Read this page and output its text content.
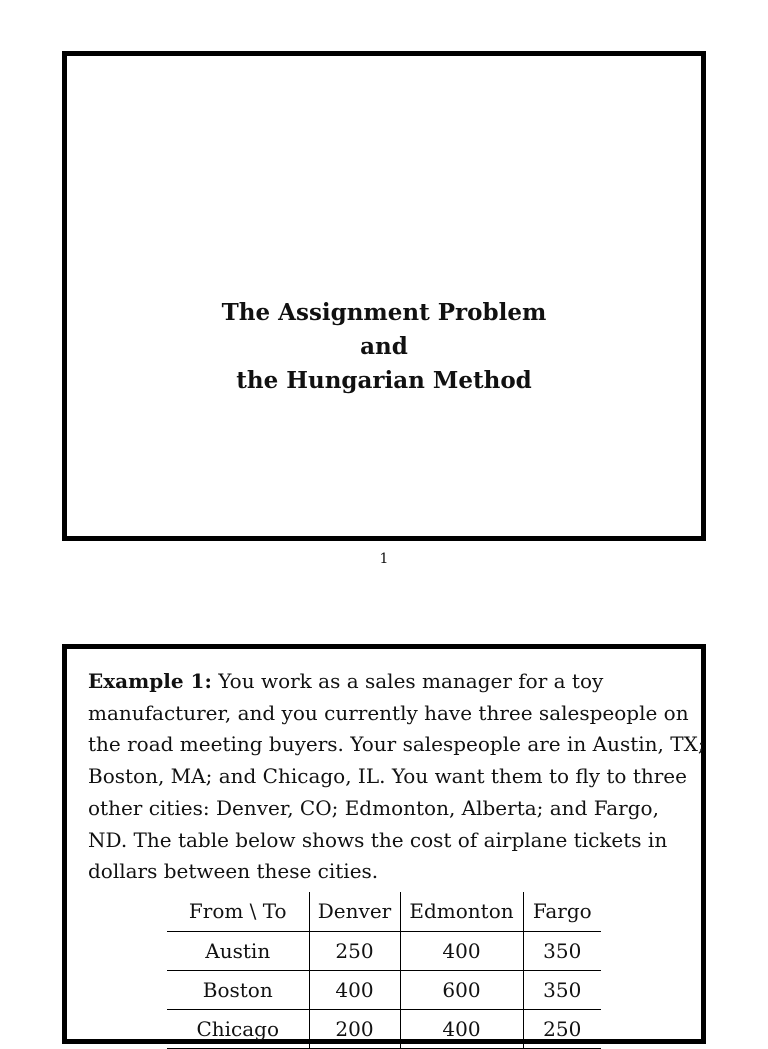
The Assignment Problem
and
the Hungarian Method
1
Example 1: You work as a sales manager for a toy
manufacturer, and you currently have three salespeople on
the road meeting buyers. Your salespeople are in Austin, TX;
Boston, MA; and Chicago, IL. You want them to fly to three
other cities: Denver, CO; Edmonton, Alberta; and Fargo,
ND. The table below shows the cost of airplane tickets in
dollars between these cities.
From \ To	Denver	Edmonton	Fargo
Austin	250	400	350
Boston	400	600	350
Chicago	200	400	250
